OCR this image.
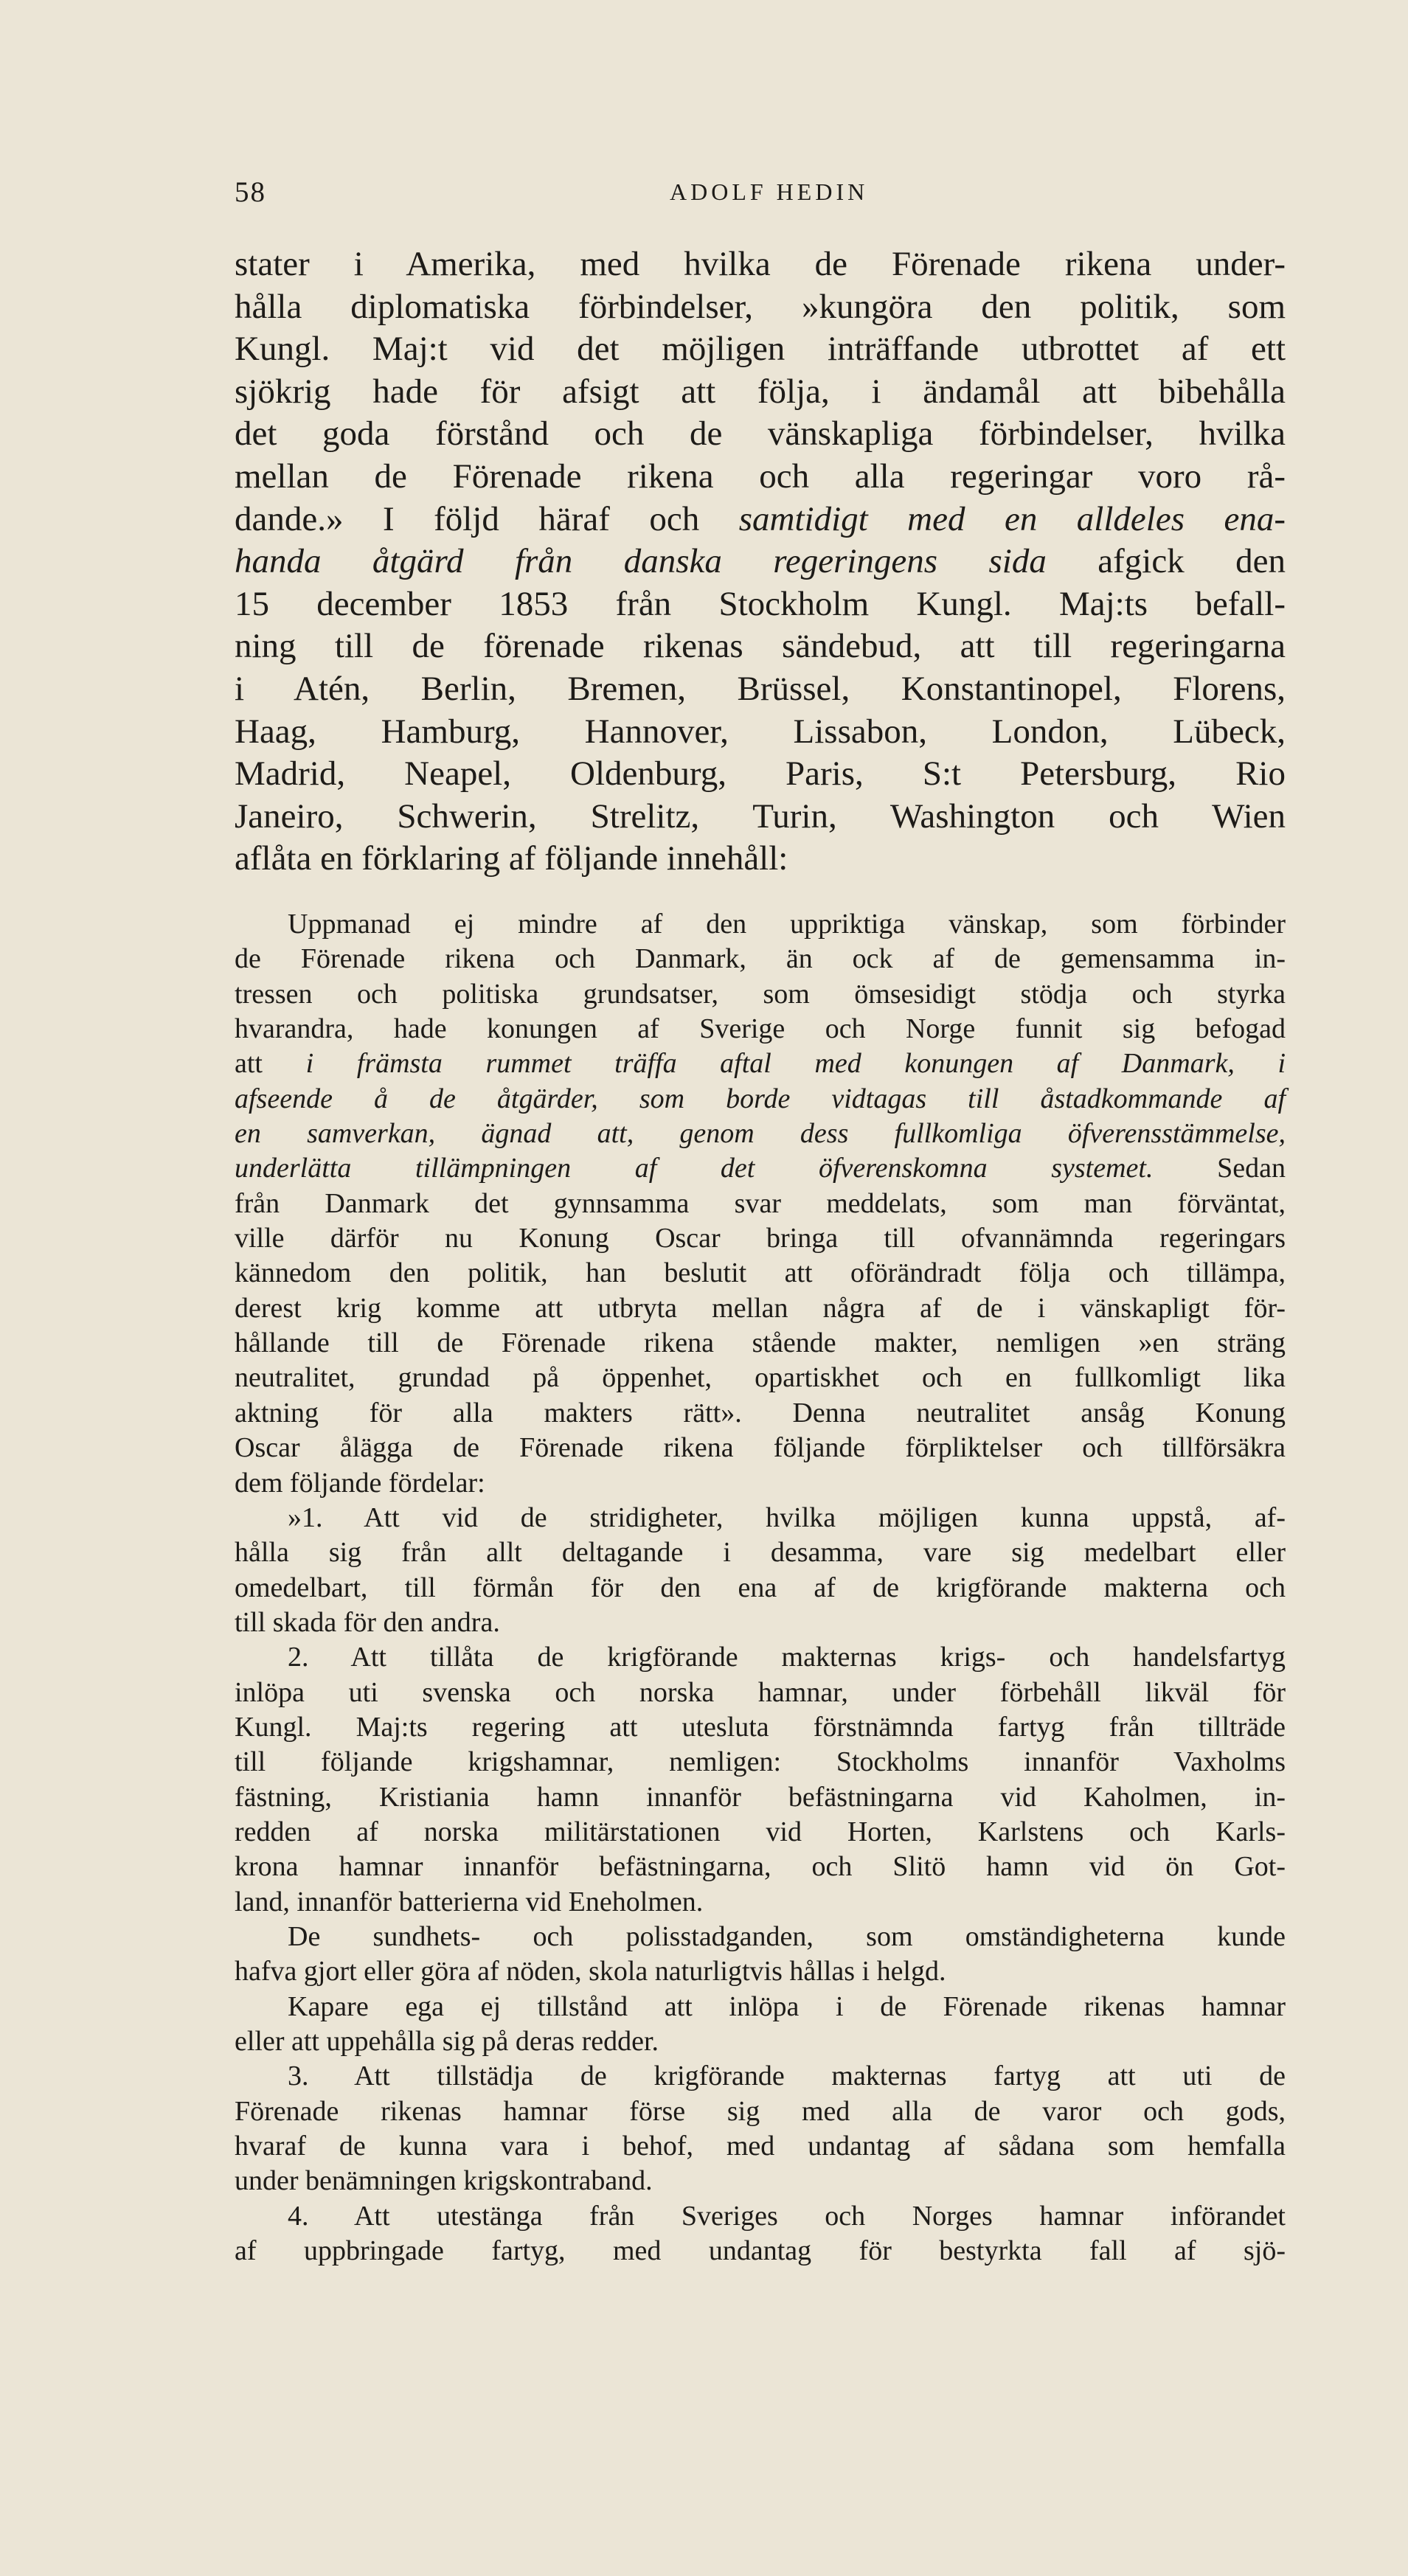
58	ADOLF HEDIN
stater i Amerika, med hvilka de Förenade rikena under-
hålla diplomatiska förbindelser, »kungöra den politik, som
Kungl. Maj:t vid det möjligen inträffande utbrottet af ett
sjökrig hade för afsigt att följa, i ändamål att bibehålla
det goda förstånd och de vänskapliga förbindelser, hvilka
mellan de Förenade rikena och alla regeringar voro rå-
dande.» I följd häraf och samtidigt med en alldeles ena-
handa åtgärd från danska regeringens sida afgick den
15 december 1853 från Stockholm Kungl. Maj:ts befall-
ning till de förenade rikenas sändebud, att till regeringarna
i Atén, Berlin, Bremen, Brüssel, Konstantinopel, Florens,
Haag, Hamburg, Hannover, Lissabon, London, Lübeck,
Madrid, Neapel, Oldenburg, Paris, S:t Petersburg, Rio
Janeiro, Schwerin, Strelitz, Turin, Washington och Wien
aflåta en förklaring af följande innehåll:
Uppmanad ej mindre af den uppriktiga vänskap, som förbinder
de Förenade rikena och Danmark, än ock af de gemensamma in-
tressen och politiska grundsatser, som ömsesidigt stödja och styrka
hvarandra, hade konungen af Sverige och Norge funnit sig befogad
att i främsta rummet träffa aftal med konungen af Danmark, i
afseende å de åtgärder, som borde vidtagas till åstadkommande af
en samverkan, ägnad att, genom dess fullkomliga öfverensstämmelse,
underlätta tillämpningen af det öfverenskomna systemet. Sedan
från Danmark det gynnsamma svar meddelats, som man förväntat,
ville därför nu Konung Oscar bringa till ofvannämnda regeringars
kännedom den politik, han beslutit att oförändradt följa och tillämpa,
derest krig komme att utbryta mellan några af de i vänskapligt för-
hållande till de Förenade rikena stående makter, nemligen »en sträng
neutralitet, grundad på öppenhet, opartiskhet och en fullkomligt lika
aktning för alla makters rätt». Denna neutralitet ansåg Konung
Oscar ålägga de Förenade rikena följande förpliktelser och tillförsäkra
dem följande fördelar:
»1. Att vid de stridigheter, hvilka möjligen kunna uppstå, af-
hålla sig från allt deltagande i desamma, vare sig medelbart eller
omedelbart, till förmån för den ena af de krigförande makterna och
till skada för den andra.
2. Att tillåta de krigförande makternas krigs- och handelsfartyg
inlöpa uti svenska och norska hamnar, under förbehåll likväl för
Kungl. Maj:ts regering att utesluta förstnämnda fartyg från tillträde
till följande krigshamnar, nemligen: Stockholms innanför Vaxholms
fästning, Kristiania hamn innanför befästningarna vid Kaholmen, in-
redden af norska militärstationen vid Horten, Karlstens och Karls-
krona hamnar innanför befästningarna, och Slitö hamn vid ön Got-
land, innanför batterierna vid Eneholmen.
De sundhets- och polisstadganden, som omständigheterna kunde
hafva gjort eller göra af nöden, skola naturligtvis hållas i helgd.
Kapare ega ej tillstånd att inlöpa i de Förenade rikenas hamnar
eller att uppehålla sig på deras redder.
3. Att tillstädja de krigförande makternas fartyg att uti de
Förenade rikenas hamnar förse sig med alla de varor och gods,
hvaraf de kunna vara i behof, med undantag af sådana som hemfalla
under benämningen krigskontraband.
4. Att utestänga från Sveriges och Norges hamnar införandet
af uppbringade fartyg, med undantag för bestyrkta fall af sjö-
